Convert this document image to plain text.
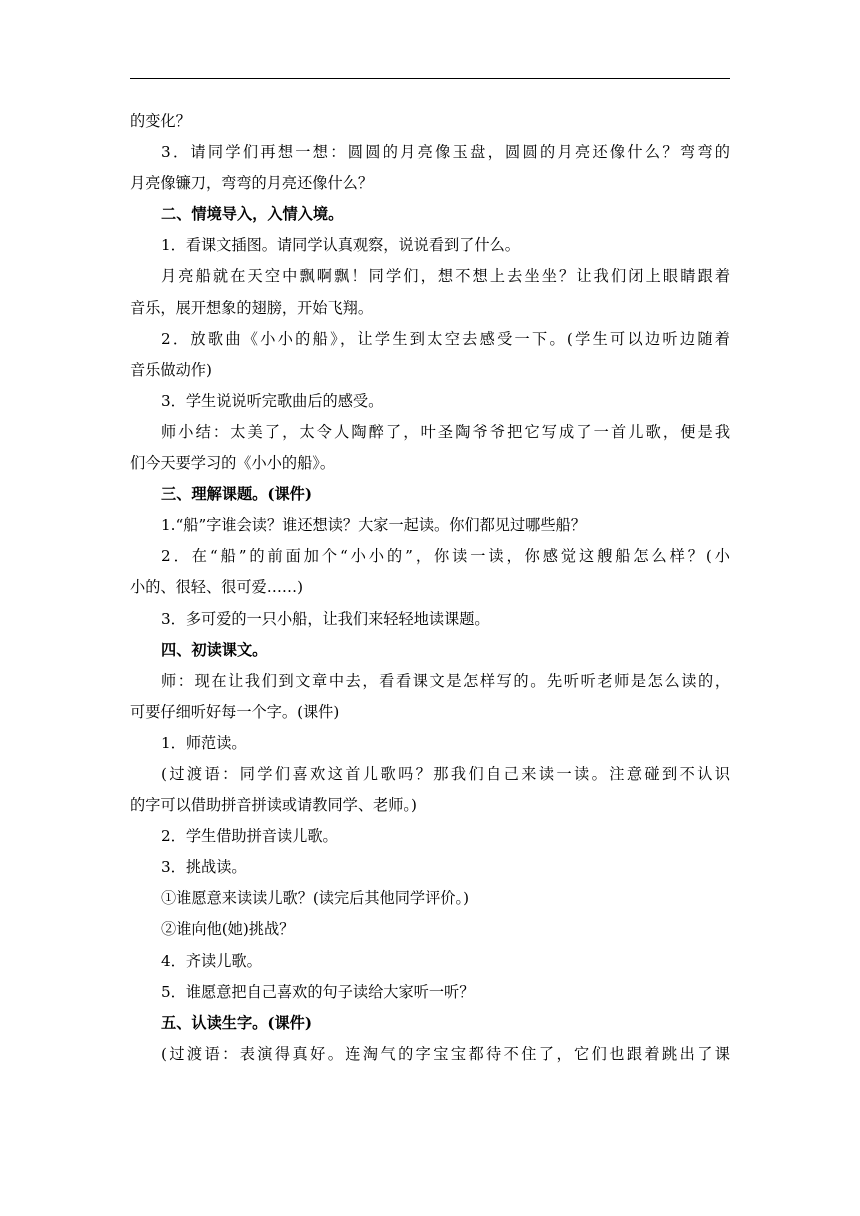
的变化？
3．请同学们再想一想：圆圆的月亮像玉盘，圆圆的月亮还像什么？弯弯的
月亮像镰刀，弯弯的月亮还像什么？
二、情境导入，入情入境。
1．看课文插图。请同学认真观察，说说看到了什么。
月亮船就在天空中飘啊飘！同学们，想不想上去坐坐？让我们闭上眼睛跟着
音乐，展开想象的翅膀，开始飞翔。
2．放歌曲《小小的船》，让学生到太空去感受一下。(学生可以边听边随着
音乐做动作)
3．学生说说听完歌曲后的感受。
师小结：太美了，太令人陶醉了，叶圣陶爷爷把它写成了一首儿歌，便是我
们今天要学习的《小小的船》。
三、理解课题。(课件)
1.“船”字谁会读？谁还想读？大家一起读。你们都见过哪些船？
2．在“船”的前面加个“小小的”，你读一读，你感觉这艘船怎么样？(小
小的、很轻、很可爱……)
3．多可爱的一只小船，让我们来轻轻地读课题。
四、初读课文。
师：现在让我们到文章中去，看看课文是怎样写的。先听听老师是怎么读的，
可要仔细听好每一个字。(课件)
1．师范读。
(过渡语：同学们喜欢这首儿歌吗？那我们自己来读一读。注意碰到不认识
的字可以借助拼音拼读或请教同学、老师。)
2．学生借助拼音读儿歌。
3．挑战读。
①谁愿意来读读儿歌？(读完后其他同学评价。)
②谁向他(她)挑战？
4．齐读儿歌。
5．谁愿意把自己喜欢的句子读给大家听一听？
五、认读生字。(课件)
(过渡语：表演得真好。连淘气的字宝宝都待不住了，它们也跟着跳出了课
